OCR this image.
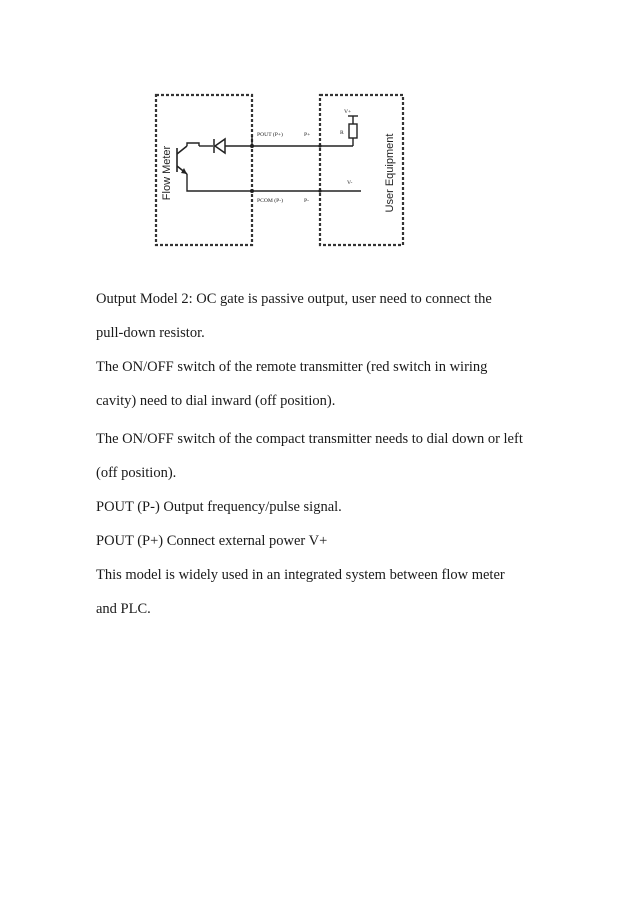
Flow Meter	User Equipment
POUT (P+)	P+
PCOM (P-)	P-
V+
R
V-

Output Model 2: OC gate is passive output, user need to connect the
pull-down resistor.

The ON/OFF switch of the remote transmitter (red switch in wiring
cavity) need to dial inward (off position).

The ON/OFF switch of the compact transmitter needs to dial down or left
(off position).

POUT (P-) Output frequency/pulse signal.

POUT (P+) Connect external power V+

This model is widely used in an integrated system between flow meter
and PLC.
